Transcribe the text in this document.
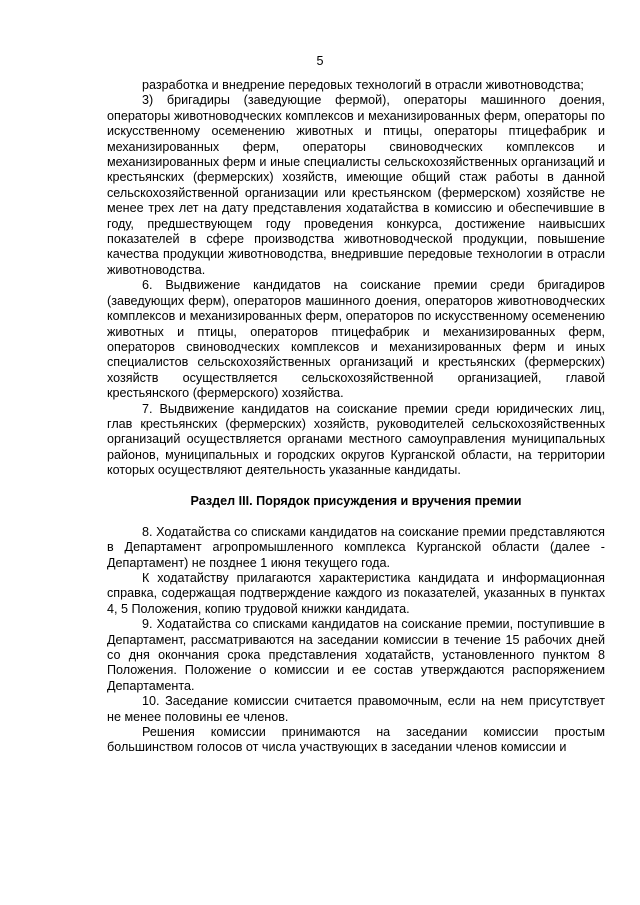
5

разработка и внедрение передовых технологий в отрасли животноводства;

3) бригадиры (заведующие фермой), операторы машинного доения, операторы животноводческих комплексов и механизированных ферм, операторы по искусственному осеменению животных и птицы, операторы птицефабрик и механизированных ферм, операторы свиноводческих комплексов и механизированных ферм и иные специалисты сельскохозяйственных организаций и крестьянских (фермерских) хозяйств, имеющие общий стаж работы в данной сельскохозяйственной организации или крестьянском (фермерском) хозяйстве не менее трех лет на дату представления ходатайства в комиссию и обеспечившие в году, предшествующем году проведения конкурса, достижение наивысших показателей в сфере производства животноводческой продукции, повышение качества продукции животноводства, внедрившие передовые технологии в отрасли животноводства.

6. Выдвижение кандидатов на соискание премии среди бригадиров (заведующих ферм), операторов машинного доения, операторов животноводческих комплексов и механизированных ферм, операторов по искусственному осеменению животных и птицы, операторов птицефабрик и механизированных ферм, операторов свиноводческих комплексов и механизированных ферм и иных специалистов сельскохозяйственных организаций и крестьянских (фермерских) хозяйств осуществляется сельскохозяйственной организацией, главой крестьянского (фермерского) хозяйства.

7. Выдвижение кандидатов на соискание премии среди юридических лиц, глав крестьянских (фермерских) хозяйств, руководителей сельскохозяйственных организаций осуществляется органами местного самоуправления муниципальных районов, муниципальных и городских округов Курганской области, на территории которых осуществляют деятельность указанные кандидаты.

Раздел III. Порядок присуждения и вручения премии

8. Ходатайства со списками кандидатов на соискание премии представляются в Департамент агропромышленного комплекса Курганской области (далее - Департамент) не позднее 1 июня текущего года.

К ходатайству прилагаются характеристика кандидата и информационная справка, содержащая подтверждение каждого из показателей, указанных в пунктах 4, 5 Положения, копию трудовой книжки кандидата.

9. Ходатайства со списками кандидатов на соискание премии, поступившие в Департамент, рассматриваются на заседании комиссии в течение 15 рабочих дней со дня окончания срока представления ходатайств, установленного пунктом 8 Положения. Положение о комиссии и ее состав утверждаются распоряжением Департамента.

10. Заседание комиссии считается правомочным, если на нем присутствует не менее половины ее членов.

Решения комиссии принимаются на заседании комиссии простым большинством голосов от числа участвующих в заседании членов комиссии и
